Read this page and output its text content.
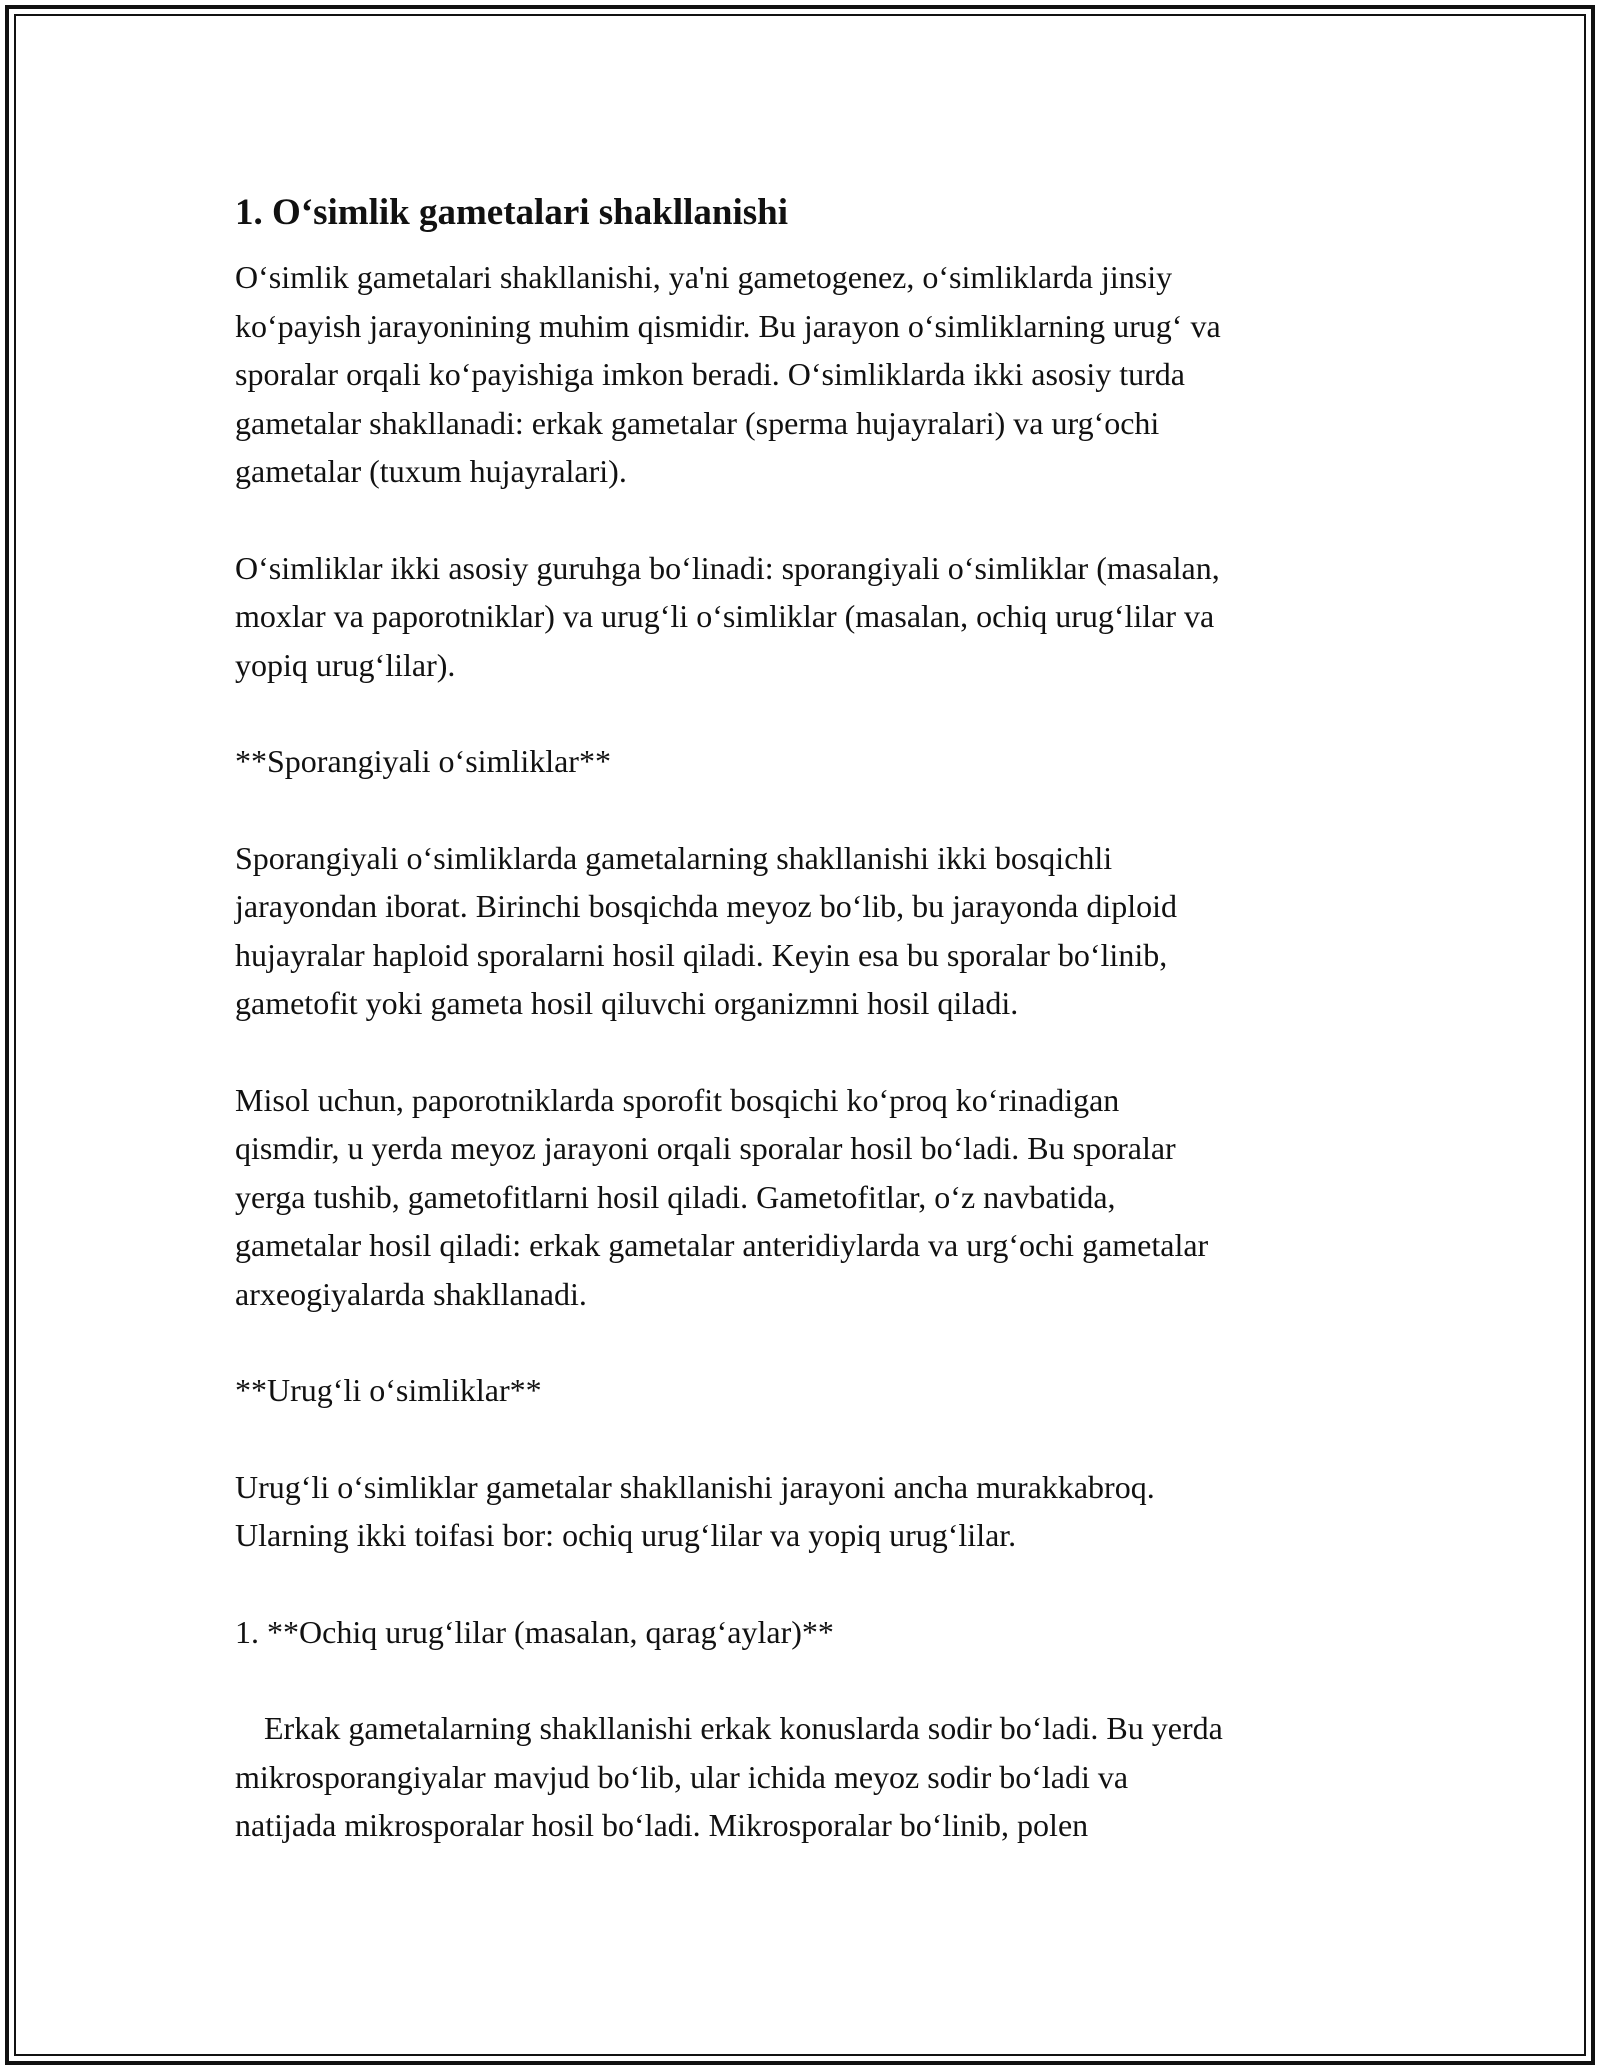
1. O‘simlik gametalari shakllanishi
O‘simlik gametalari shakllanishi, ya'ni gametogenez, o‘simliklarda jinsiy
ko‘payish jarayonining muhim qismidir. Bu jarayon o‘simliklarning urug‘ va
sporalar orqali ko‘payishiga imkon beradi. O‘simliklarda ikki asosiy turda
gametalar shakllanadi: erkak gametalar (sperma hujayralari) va urg‘ochi
gametalar (tuxum hujayralari).
O‘simliklar ikki asosiy guruhga bo‘linadi: sporangiyali o‘simliklar (masalan,
moxlar va paporotniklar) va urug‘li o‘simliklar (masalan, ochiq urug‘lilar va
yopiq urug‘lilar).
**Sporangiyali o‘simliklar**
Sporangiyali o‘simliklarda gametalarning shakllanishi ikki bosqichli
jarayondan iborat. Birinchi bosqichda meyoz bo‘lib, bu jarayonda diploid
hujayralar haploid sporalarni hosil qiladi. Keyin esa bu sporalar bo‘linib,
gametofit yoki gameta hosil qiluvchi organizmni hosil qiladi.
Misol uchun, paporotniklarda sporofit bosqichi ko‘proq ko‘rinadigan
qismdir, u yerda meyoz jarayoni orqali sporalar hosil bo‘ladi. Bu sporalar
yerga tushib, gametofitlarni hosil qiladi. Gametofitlar, o‘z navbatida,
gametalar hosil qiladi: erkak gametalar anteridiylarda va urg‘ochi gametalar
arxeogiyalarda shakllanadi.
**Urug‘li o‘simliklar**
Urug‘li o‘simliklar gametalar shakllanishi jarayoni ancha murakkabroq.
Ularning ikki toifasi bor: ochiq urug‘lilar va yopiq urug‘lilar.
1. **Ochiq urug‘lilar (masalan, qarag‘aylar)**
Erkak gametalarning shakllanishi erkak konuslarda sodir bo‘ladi. Bu yerda
mikrosporangiyalar mavjud bo‘lib, ular ichida meyoz sodir bo‘ladi va
natijada mikrosporalar hosil bo‘ladi. Mikrosporalar bo‘linib, polen
